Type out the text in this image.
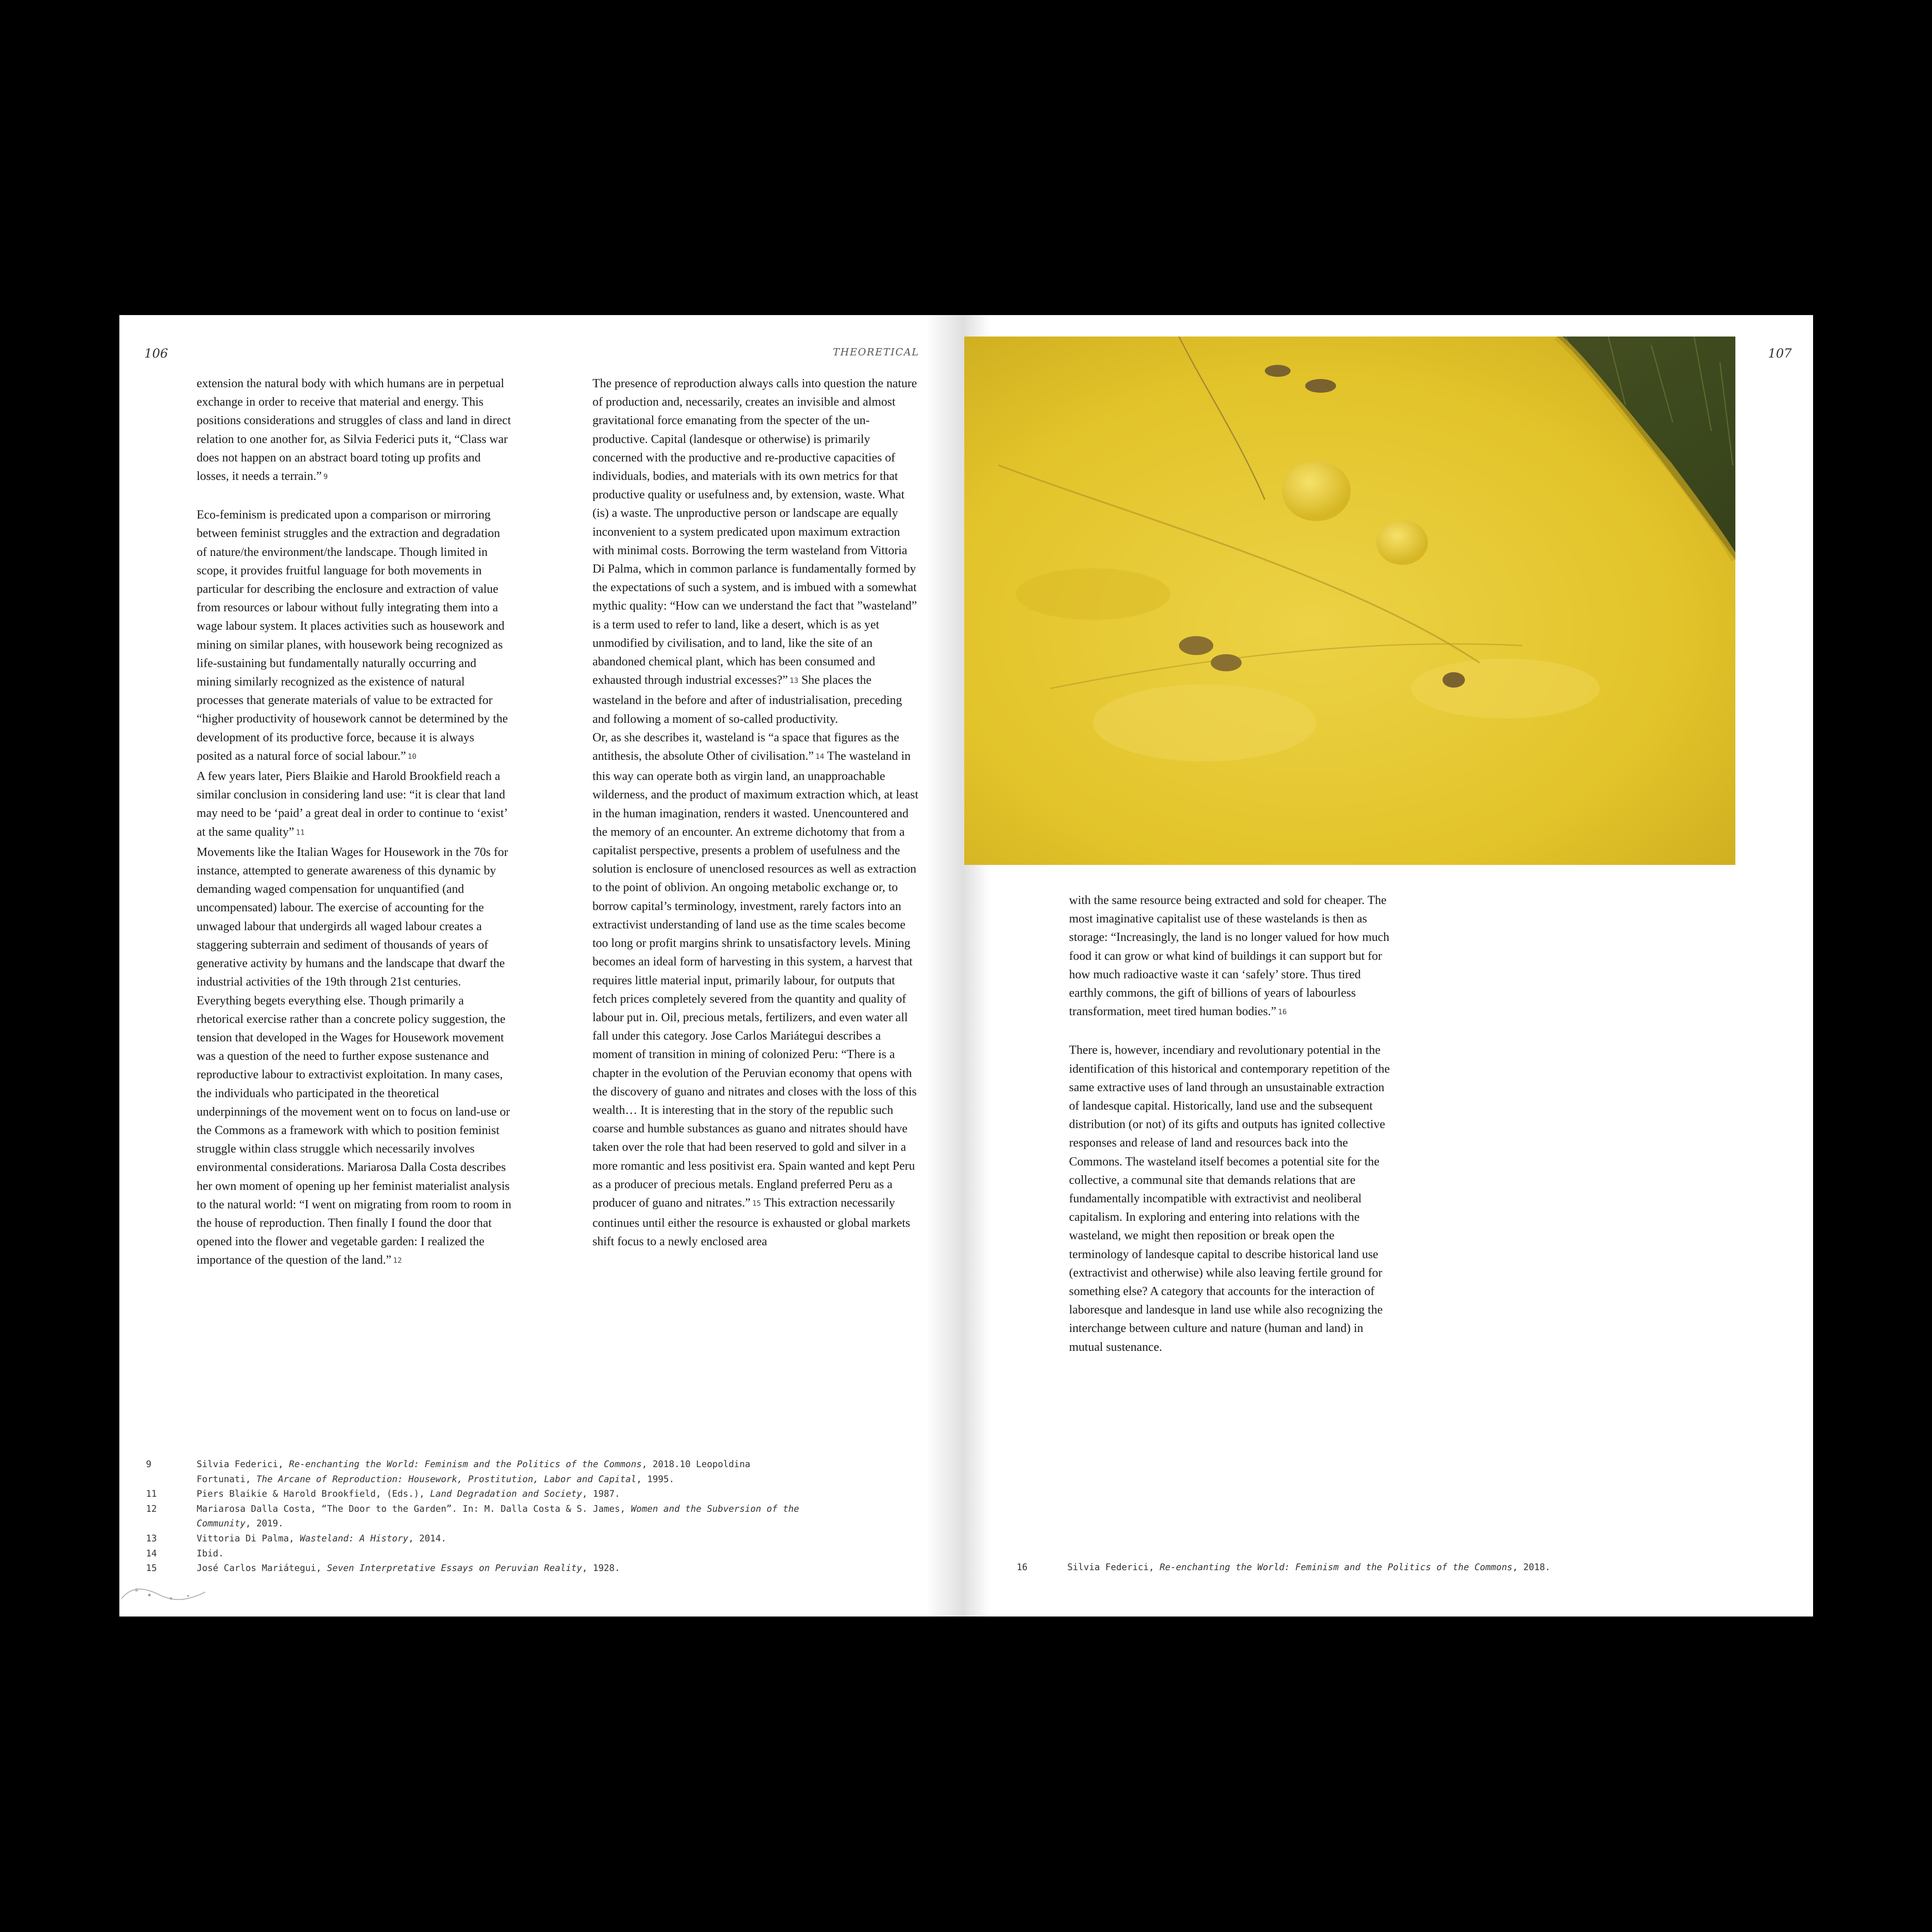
106	THEORETICAL

extension the natural body with which humans are in perpetual exchange in order to receive that material and energy. This positions considerations and struggles of class and land in direct relation to one another for, as Silvia Federici puts it, “Class war does not happen on an abstract board toting up profits and losses, it needs a terrain.” $^9$

Eco-feminism is predicated upon a comparison or mirroring between feminist struggles and the extraction and degradation of nature/the environment/the landscape. Though limited in scope, it provides fruitful language for both movements in particular for describing the enclosure and extraction of value from resources or labour without fully integrating them into a wage labour system. It places activities such as housework and mining on similar planes, with housework being recognized as life-sustaining but fundamentally naturally occurring and mining similarly recognized as the existence of natural processes that generate materials of value to be extracted for “higher productivity of housework cannot be determined by the development of its productive force, because it is always posited as a natural force of social labour.” $^{10}$

A few years later, Piers Blaikie and Harold Brookfield reach a similar conclusion in considering land use: “it is clear that land may need to be ‘paid’ a great deal in order to continue to ‘exist’ at the same quality” $^{11}$

Movements like the Italian Wages for Housework in the 70s for instance, attempted to generate awareness of this dynamic by demanding waged compensation for unquantified (and uncompensated) labour. The exercise of accounting for the unwaged labour that undergirds all waged labour creates a staggering subterrain and sediment of thousands of years of generative activity by humans and the landscape that dwarf the industrial activities of the 19th through 21st centuries. Everything begets everything else. Though primarily a rhetorical exercise rather than a concrete policy suggestion, the tension that developed in the Wages for Housework movement was a question of the need to further expose sustenance and reproductive labour to extractivist exploitation. In many cases, the individuals who participated in the theoretical underpinnings of the movement went on to focus on land-use or the Commons as a framework with which to position feminist struggle within class struggle which necessarily involves environmental considerations. Mariarosa Dalla Costa describes her own moment of opening up her feminist materialist analysis to the natural world: “I went on migrating from room to room in the house of reproduction. Then finally I found the door that opened into the flower and vegetable garden: I realized the importance of the question of the land.” $^{12}$

The presence of reproduction always calls into question the nature of production and, necessarily, creates an invisible and almost gravitational force emanating from the specter of the un-productive. Capital (landesque or otherwise) is primarily concerned with the productive and re-productive capacities of individuals, bodies, and materials with its own metrics for that productive quality or usefulness and, by extension, waste. What (is) a waste. The unproductive person or landscape are equally inconvenient to a system predicated upon maximum extraction with minimal costs. Borrowing the term wasteland from Vittoria Di Palma, which in common parlance is fundamentally formed by the expectations of such a system, and is imbued with a somewhat mythic quality: “How can we understand the fact that ”wasteland” is a term used to refer to land, like a desert, which is as yet unmodified by civilisation, and to land, like the site of an abandoned chemical plant, which has been consumed and exhausted through industrial excesses?” $^{13}$ She places the wasteland in the before and after of industrialisation, preceding and following a moment of so-called productivity.

Or, as she describes it, wasteland is “a space that figures as the antithesis, the absolute Other of civilisation.” $^{14}$ The wasteland in this way can operate both as virgin land, an unapproachable wilderness, and the product of maximum extraction which, at least in the human imagination, renders it wasted. Unencountered and the memory of an encounter. An extreme dichotomy that from a capitalist perspective, presents a problem of usefulness and the solution is enclosure of unenclosed resources as well as extraction to the point of oblivion. An ongoing metabolic exchange or, to borrow capital’s terminology, investment, rarely factors into an extractivist understanding of land use as the time scales become too long or profit margins shrink to unsatisfactory levels. Mining becomes an ideal form of harvesting in this system, a harvest that requires little material input, primarily labour, for outputs that fetch prices completely severed from the quantity and quality of labour put in. Oil, precious metals, fertilizers, and even water all fall under this category. Jose Carlos Mariátegui describes a moment of transition in mining of colonized Peru: “There is a chapter in the evolution of the Peruvian economy that opens with the discovery of guano and nitrates and closes with the loss of this wealth… It is interesting that in the story of the republic such coarse and humble substances as guano and nitrates should have taken over the role that had been reserved to gold and silver in a more romantic and less positivist era. Spain wanted and kept Peru as a producer of precious metals. England preferred Peru as a producer of guano and nitrates.” $^{15}$ This extraction necessarily continues until either the resource is exhausted or global markets shift focus to a newly enclosed area

9	Silvia Federici, Re-enchanting the World: Feminism and the Politics of the Commons, 2018.10 Leopoldina
Fortunati, The Arcane of Reproduction: Housework, Prostitution, Labor and Capital, 1995.
11	Piers Blaikie & Harold Brookfield, (Eds.), Land Degradation and Society, 1987.
12	Mariarosa Dalla Costa, “The Door to the Garden”. In: M. Dalla Costa & S. James, Women and the Subversion of the
Community, 2019.
13	Vittoria Di Palma, Wasteland: A History, 2014.
14	Ibid.
15	José Carlos Mariátegui, Seven Interpretative Essays on Peruvian Reality, 1928.
107

with the same resource being extracted and sold for cheaper. The most imaginative capitalist use of these wastelands is then as storage: “Increasingly, the land is no longer valued for how much food it can grow or what kind of buildings it can support but for how much radioactive waste it can ‘safely’ store. Thus tired earthly commons, the gift of billions of years of labourless transformation, meet tired human bodies.” $^{16}$

There is, however, incendiary and revolutionary potential in the identification of this historical and contemporary repetition of the same extractive uses of land through an unsustainable extraction of landesque capital. Historically, land use and the subsequent distribution (or not) of its gifts and outputs has ignited collective responses and release of land and resources back into the Commons. The wasteland itself becomes a potential site for the collective, a communal site that demands relations that are fundamentally incompatible with extractivist and neoliberal capitalism. In exploring and entering into relations with the wasteland, we might then reposition or break open the terminology of landesque capital to describe historical land use (extractivist and otherwise) while also leaving fertile ground for something else? A category that accounts for the interaction of laboresque and landesque in land use while also recognizing the interchange between culture and nature (human and land) in mutual sustenance.

16	Silvia Federici, Re-enchanting the World: Feminism and the Politics of the Commons, 2018.
